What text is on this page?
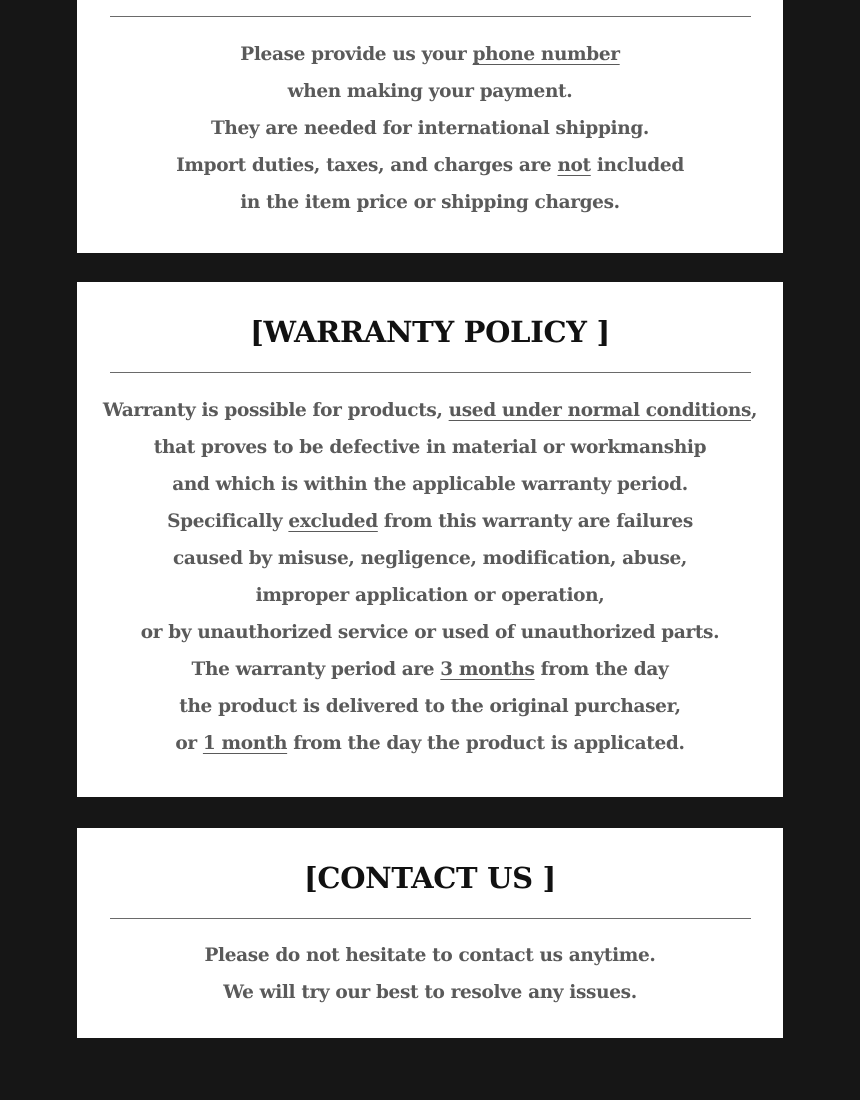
Please provide us your phone number
when making your payment.
They are needed for international shipping.
Import duties, taxes, and charges are not included
in the item price or shipping charges.
[WARRANTY POLICY ]
Warranty is possible for products, used under normal conditions,
that proves to be defective in material or workmanship
and which is within the applicable warranty period.
Specifically excluded from this warranty are failures
caused by misuse, negligence, modification, abuse,
improper application or operation,
or by unauthorized service or used of unauthorized parts.
The warranty period are 3 months from the day
the product is delivered to the original purchaser,
or 1 month from the day the product is applicated.
[CONTACT US ]
Please do not hesitate to contact us anytime.
We will try our best to resolve any issues.
